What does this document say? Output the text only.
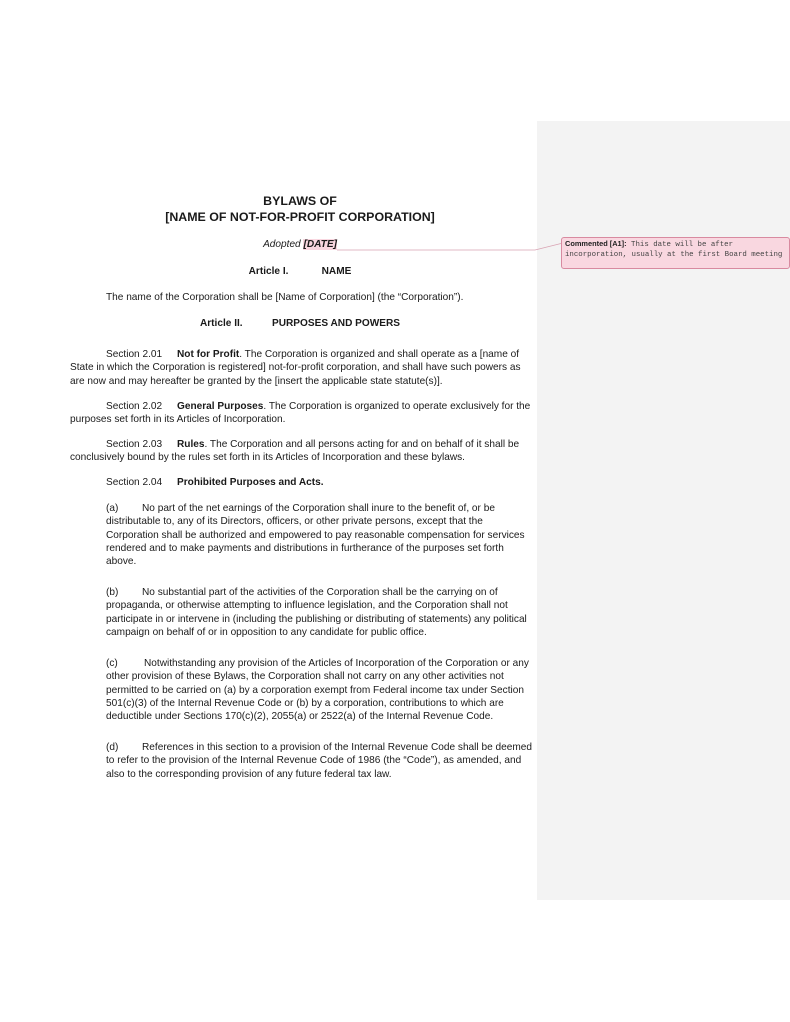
BYLAWS OF
[NAME OF NOT-FOR-PROFIT CORPORATION]
Adopted [DATE]
Article I.	NAME
The name of the Corporation shall be [Name of Corporation] (the “Corporation”).
Article II.	PURPOSES AND POWERS
Section 2.01 Not for Profit. The Corporation is organized and shall operate as a [name of State in which the Corporation is registered] not-for-profit corporation, and shall have such powers as are now and may hereafter be granted by the [insert the applicable state statute(s)].
Section 2.02 General Purposes. The Corporation is organized to operate exclusively for the purposes set forth in its Articles of Incorporation.
Section 2.03 Rules. The Corporation and all persons acting for and on behalf of it shall be conclusively bound by the rules set forth in its Articles of Incorporation and these bylaws.
Section 2.04 Prohibited Purposes and Acts.
(a) No part of the net earnings of the Corporation shall inure to the benefit of, or be distributable to, any of its Directors, officers, or other private persons, except that the Corporation shall be authorized and empowered to pay reasonable compensation for services rendered and to make payments and distributions in furtherance of the purposes set forth above.
(b) No substantial part of the activities of the Corporation shall be the carrying on of propaganda, or otherwise attempting to influence legislation, and the Corporation shall not participate in or intervene in (including the publishing or distributing of statements) any political campaign on behalf of or in opposition to any candidate for public office.
(c)	Notwithstanding any provision of the Articles of Incorporation of the Corporation or any other provision of these Bylaws, the Corporation shall not carry on any other activities not permitted to be carried on (a) by a corporation exempt from Federal income tax under Section 501(c)(3) of the Internal Revenue Code or (b) by a corporation, contributions to which are deductible under Sections 170(c)(2), 2055(a) or 2522(a) of the Internal Revenue Code.
(d) References in this section to a provision of the Internal Revenue Code shall be deemed to refer to the provision of the Internal Revenue Code of 1986 (the “Code”), as amended, and also to the corresponding provision of any future federal tax law.
Commented [A1]: This date will be after incorporation, usually at the first Board meeting
